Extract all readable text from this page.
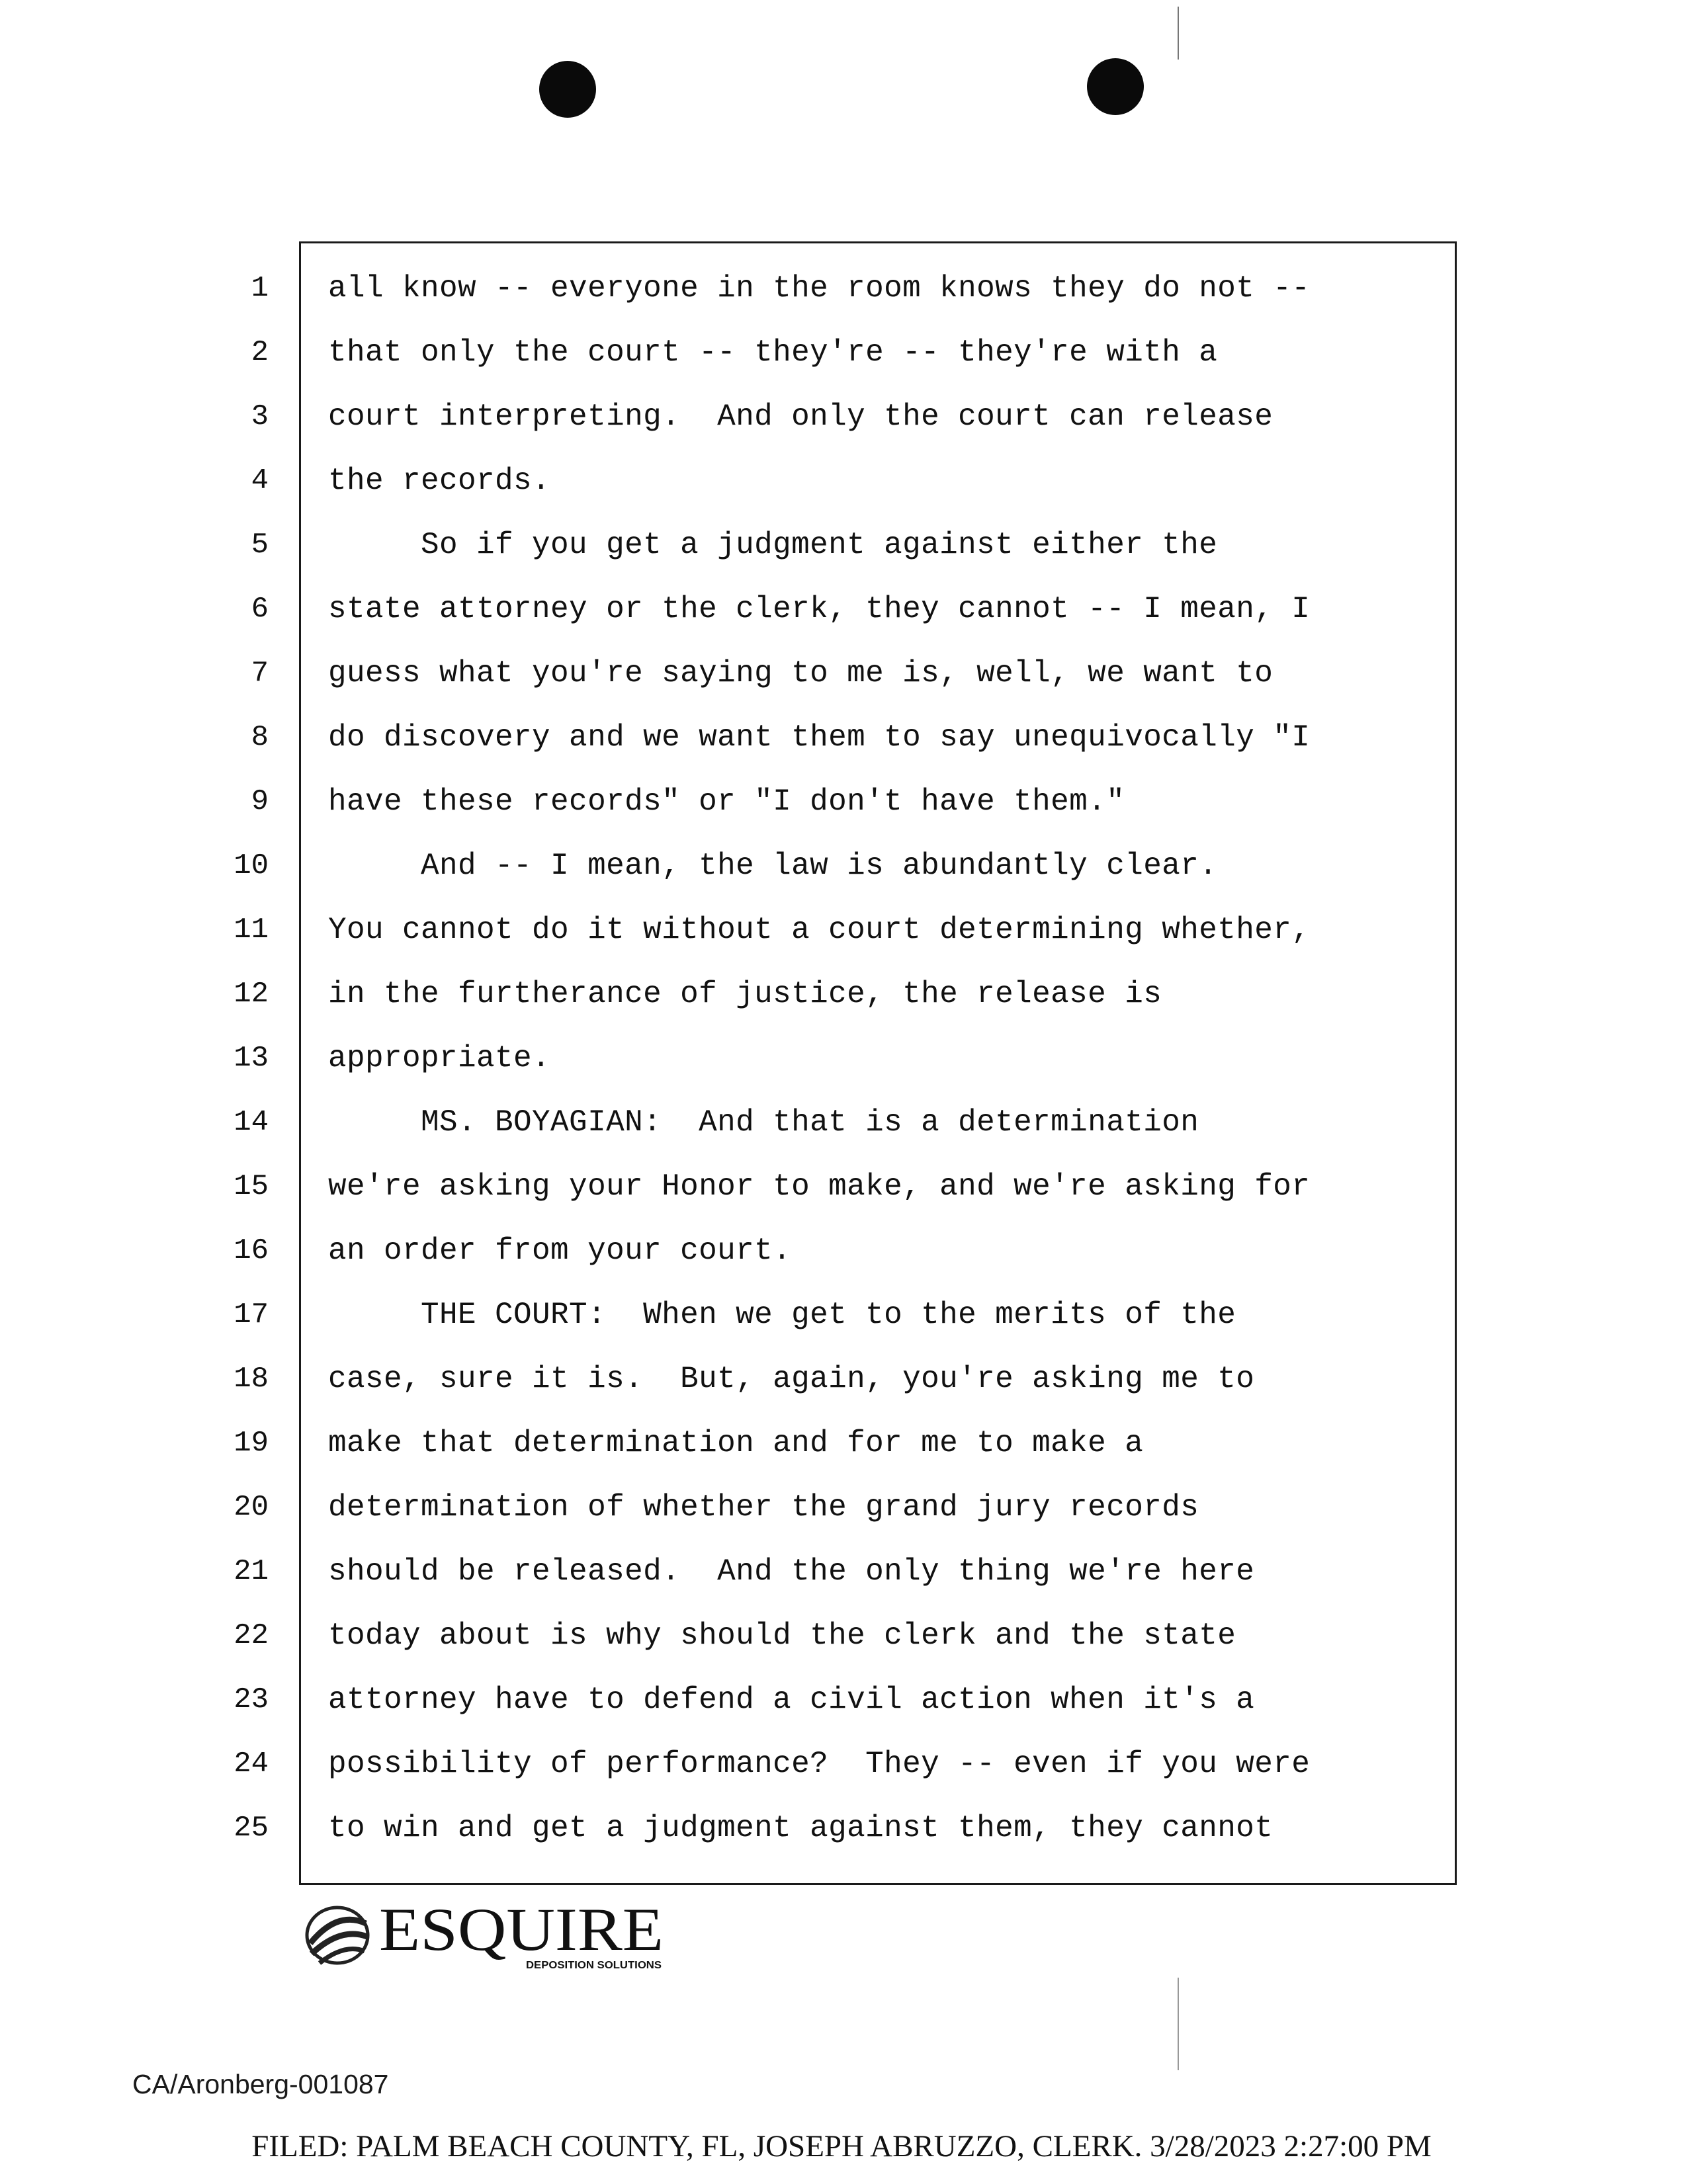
1 all know -- everyone in the room knows they do not --
2 that only the court -- they're -- they're with a
3 court interpreting.  And only the court can release
4 the records.
5 So if you get a judgment against either the
6 state attorney or the clerk, they cannot -- I mean, I
7 guess what you're saying to me is, well, we want to
8 do discovery and we want them to say unequivocally "I
9 have these records" or "I don't have them."
10 And -- I mean, the law is abundantly clear.
11 You cannot do it without a court determining whether,
12 in the furtherance of justice, the release is
13 appropriate.
14 MS. BOYAGIAN:  And that is a determination
15 we're asking your Honor to make, and we're asking for
16 an order from your court.
17 THE COURT:  When we get to the merits of the
18 case, sure it is.  But, again, you're asking me to
19 make that determination and for me to make a
20 determination of whether the grand jury records
21 should be released.  And the only thing we're here
22 today about is why should the clerk and the state
23 attorney have to defend a civil action when it's a
24 possibility of performance?  They -- even if you were
25 to win and get a judgment against them, they cannot
ESQUIRE
DEPOSITION SOLUTIONS
CA/Aronberg-001087
FILED: PALM BEACH COUNTY, FL, JOSEPH ABRUZZO, CLERK. 3/28/2023 2:27:00 PM
